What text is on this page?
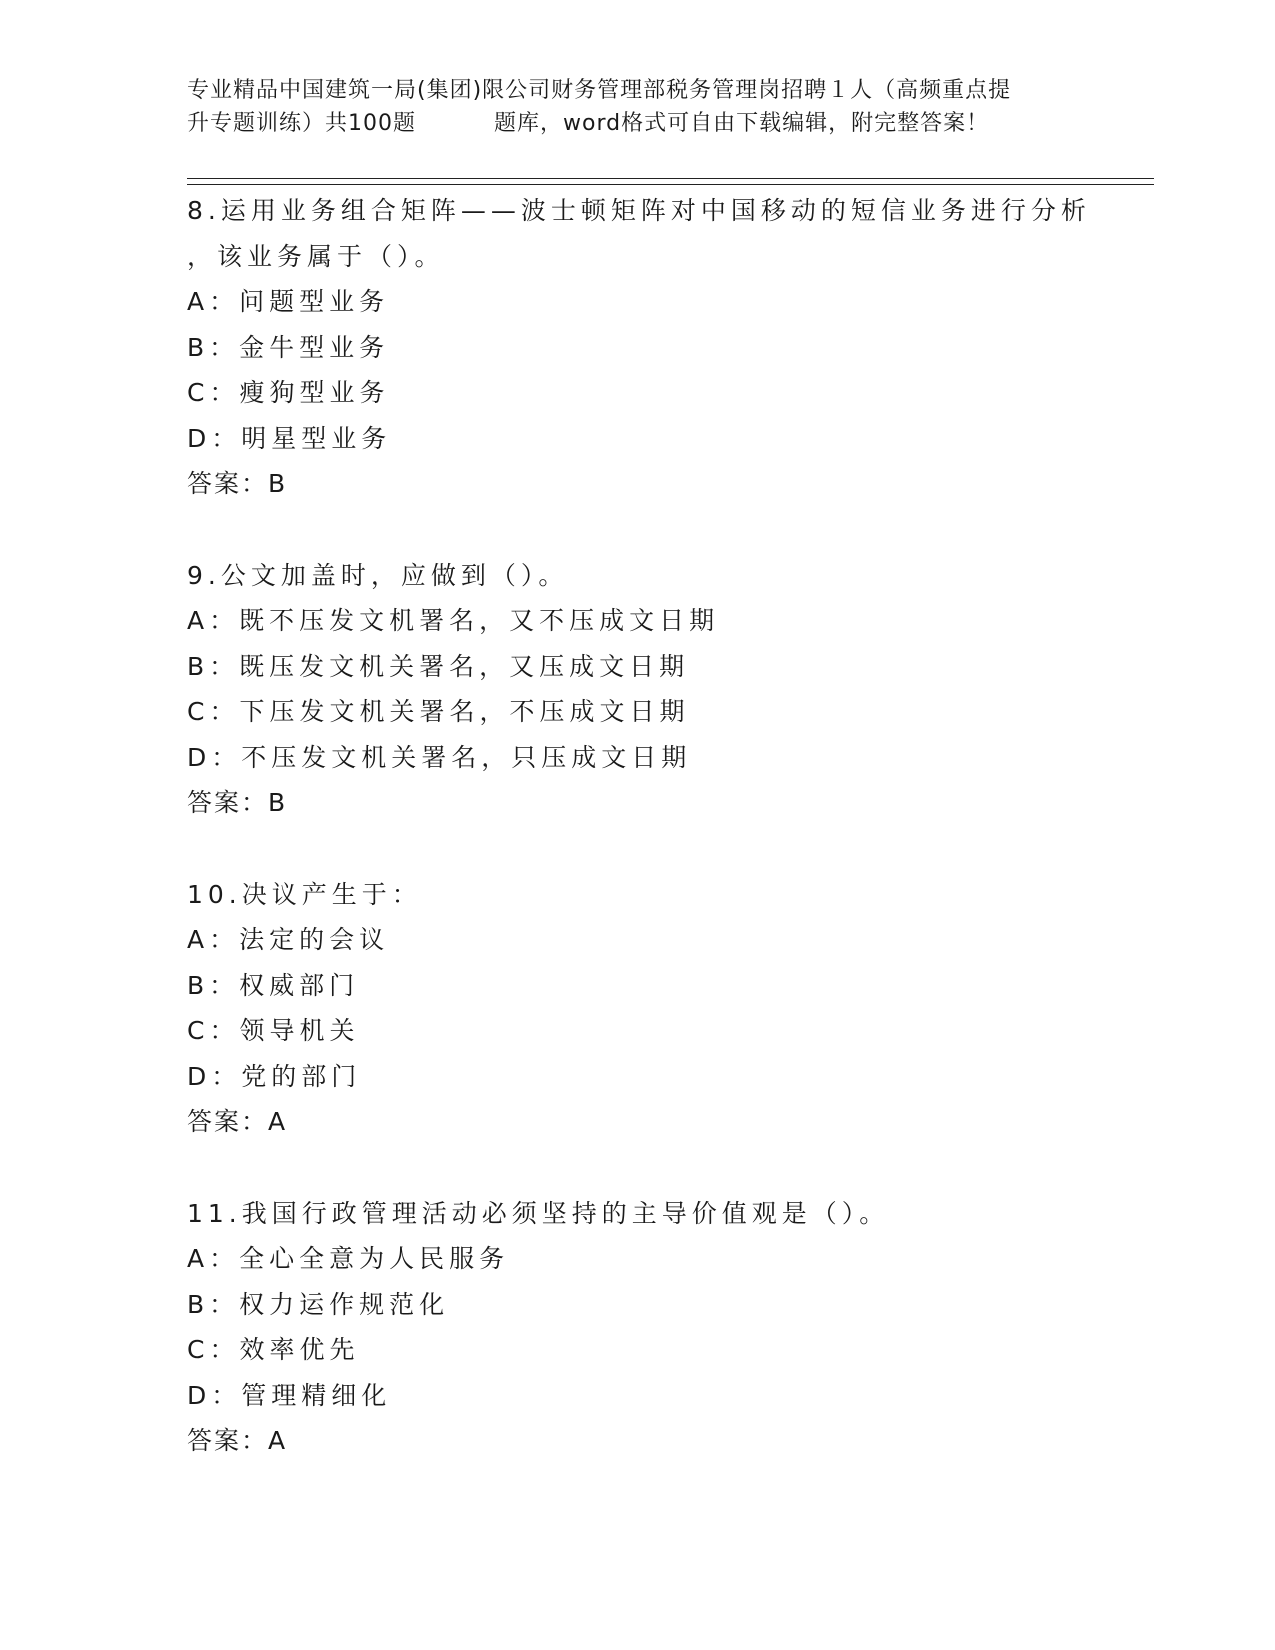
专业精品中国建筑一局(集团)限公司财务管理部税务管理岗招聘１人（高频重点提
升专题训练）共100题	题库，word格式可自由下载编辑，附完整答案！
8.运用业务组合矩阵——波士顿矩阵对中国移动的短信业务进行分析
，该业务属于（）。
A：问题型业务
B：金牛型业务
C：瘦狗型业务
D：明星型业务
答案：B
9.公文加盖时，应做到（）。
A：既不压发文机署名，又不压成文日期
B：既压发文机关署名，又压成文日期
C：下压发文机关署名，不压成文日期
D：不压发文机关署名，只压成文日期
答案：B
10.决议产生于：
A：法定的会议
B：权威部门
C：领导机关
D：党的部门
答案：A
11.我国行政管理活动必须坚持的主导价值观是（）。
A：全心全意为人民服务
B：权力运作规范化
C：效率优先
D：管理精细化
答案：A
